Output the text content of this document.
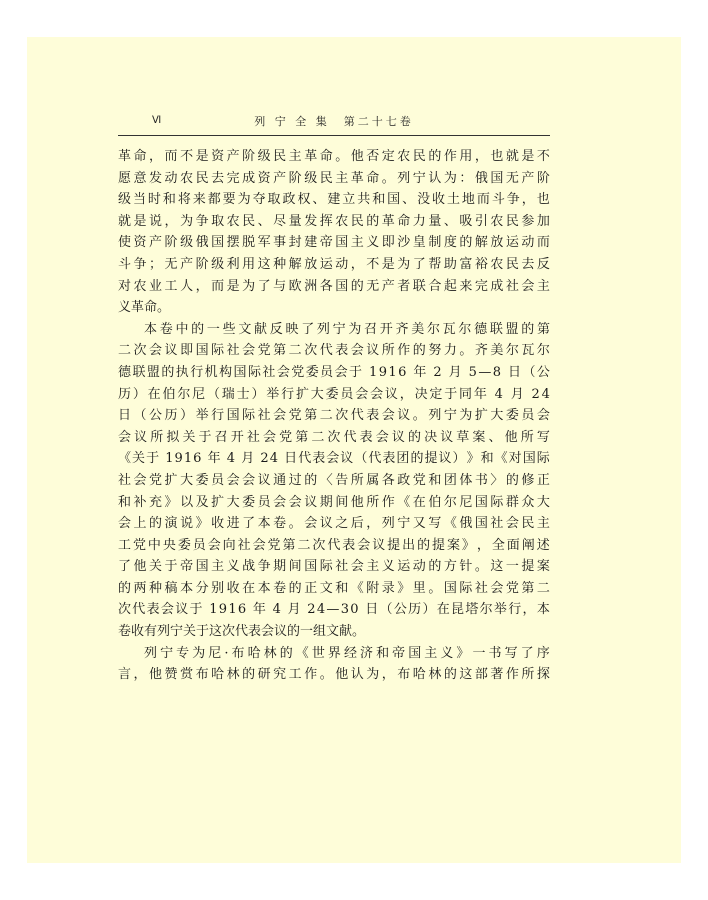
Ⅵ	列 宁 全 集　第二十七卷
革 命 ， 而 不 是 资 产 阶 级 民 主 革 命 。 他 否 定 农 民 的 作 用 ， 也 就 是 不
愿 意 发 动 农 民 去 完 成 资 产 阶 级 民 主 革 命 。 列 宁 认 为 ： 俄 国 无 产 阶
级 当 时 和 将 来 都 要 为 夺 取 政 权 、 建 立 共 和 国 、 没 收 土 地 而 斗 争 ， 也
就 是 说 ， 为 争 取 农 民 、 尽 量 发 挥 农 民 的 革 命 力 量 、 吸 引 农 民 参 加
使 资 产 阶 级 俄 国 摆 脱 军 事 封 建 帝 国 主 义 即 沙 皇 制 度 的 解 放 运 动 而
斗 争 ； 无 产 阶 级 利 用 这 种 解 放 运 动 ， 不 是 为 了 帮 助 富 裕 农 民 去 反
对 农 业 工 人 ， 而 是 为 了 与 欧 洲 各 国 的 无 产 者 联 合 起 来 完 成 社 会 主
义革命。
本 卷 中 的 一 些 文 献 反 映 了 列 宁 为 召 开 齐 美 尔 瓦 尔 德 联 盟 的 第
二 次 会 议 即 国 际 社 会 党 第 二 次 代 表 会 议 所 作 的 努 力 。 齐 美 尔 瓦 尔
德 联 盟 的 执 行 机 构 国 际 社 会 党 委 员 会 于
1 9 1 6
年
2
月
5 — 8
日 （ 公
历 ） 在 伯 尔 尼 （ 瑞 士 ） 举 行 扩 大 委 员 会 会 议 ， 决 定 于 同 年
4
月
2 4
日 （ 公 历 ） 举 行 国 际 社 会 党 第 二 次 代 表 会 议 。 列 宁 为 扩 大 委 员 会
会 议 所 拟 关 于 召 开 社 会 党 第 二 次 代 表 会 议 的 决 议 草 案 、 他 所 写
《 关 于
1 9 1 6
年
4
月
2 4
日 代 表 会 议 （ 代 表 团 的 提 议 ） 》 和 《 对 国 际
社 会 党 扩 大 委 员 会 会 议 通 过 的 〈 告 所 属 各 政 党 和 团 体 书 〉 的 修 正
和 补 充 》 以 及 扩 大 委 员 会 会 议 期 间 他 所 作 《 在 伯 尔 尼 国 际 群 众 大
会 上 的 演 说 》 收 进 了 本 卷 。 会 议 之 后 ， 列 宁 又 写 《 俄 国 社 会 民 主
工 党 中 央 委 员 会 向 社 会 党 第 二 次 代 表 会 议 提 出 的 提 案 》 ， 全 面 阐 述
了 他 关 于 帝 国 主 义 战 争 期 间 国 际 社 会 主 义 运 动 的 方 针 。 这 一 提 案
的 两 种 稿 本 分 别 收 在 本 卷 的 正 文 和 《 附 录 》 里 。 国 际 社 会 党 第 二
次 代 表 会 议 于
1 9 1 6
年
4
月
2 4 — 3 0
日 （ 公 历 ） 在 昆 塔 尔 举 行 ， 本
卷收有列宁关于这次代表会议的一组文献。
列 宁 专 为 尼 · 布 哈 林 的 《 世 界 经 济 和 帝 国 主 义 》 一 书 写 了 序
言 ， 他 赞 赏 布 哈 林 的 研 究 工 作 。 他 认 为 ， 布 哈 林 的 这 部 著 作 所 探
